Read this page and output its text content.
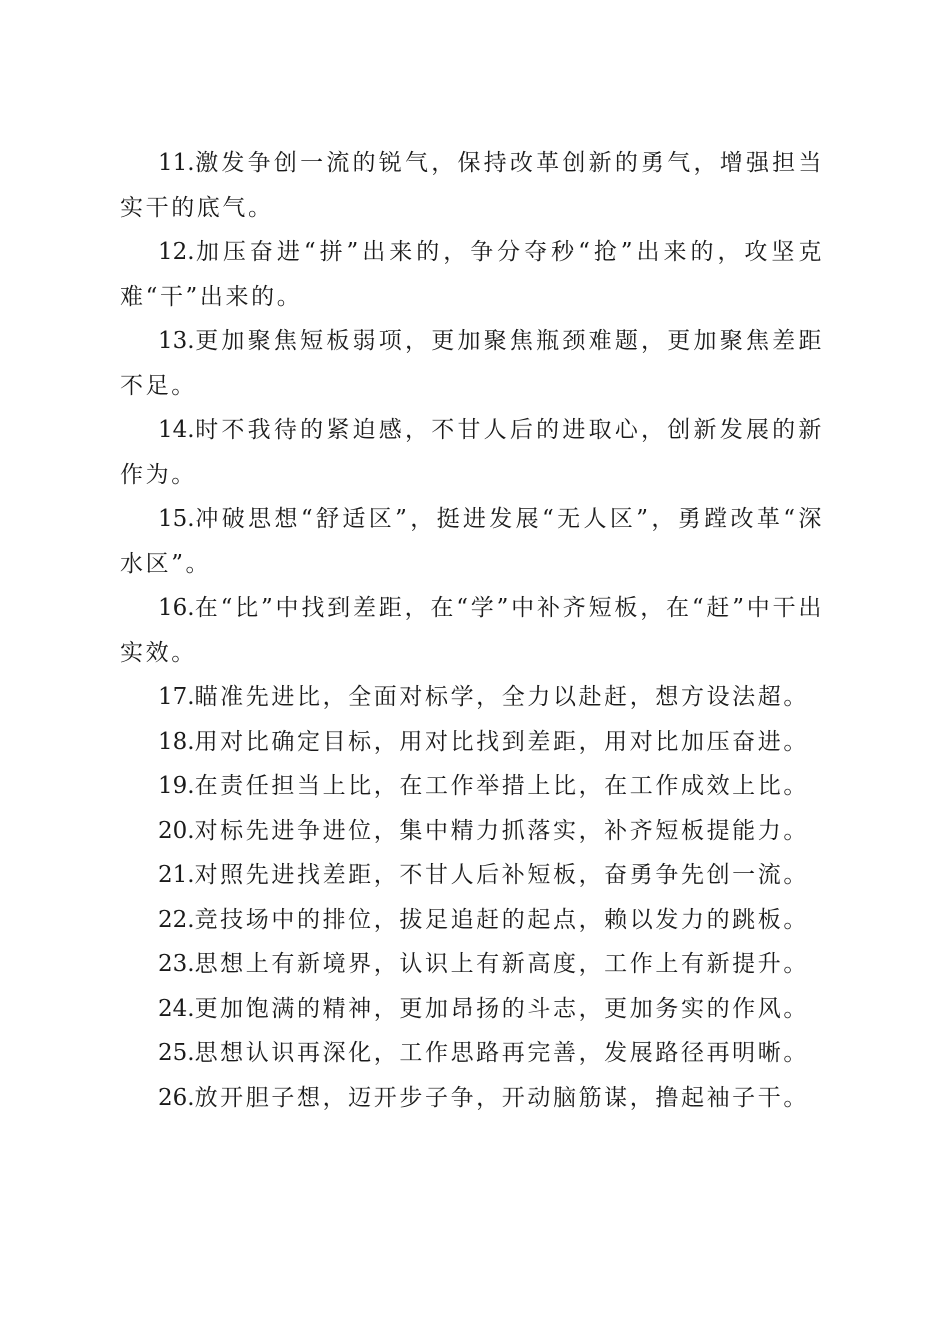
11.激发争创一流的锐气，保持改革创新的勇气，增强担当实干的底气。

12.加压奋进“拼”出来的，争分夺秒“抢”出来的，攻坚克难“干”出来的。

13.更加聚焦短板弱项，更加聚焦瓶颈难题，更加聚焦差距不足。

14.时不我待的紧迫感，不甘人后的进取心，创新发展的新作为。

15.冲破思想“舒适区”，挺进发展“无人区”，勇蹚改革“深水区”。

16.在“比”中找到差距，在“学”中补齐短板，在“赶”中干出实效。

17.瞄准先进比，全面对标学，全力以赴赶，想方设法超。

18.用对比确定目标，用对比找到差距，用对比加压奋进。

19.在责任担当上比，在工作举措上比，在工作成效上比。

20.对标先进争进位，集中精力抓落实，补齐短板提能力。

21.对照先进找差距，不甘人后补短板，奋勇争先创一流。

22.竞技场中的排位，拔足追赶的起点，赖以发力的跳板。

23.思想上有新境界，认识上有新高度，工作上有新提升。

24.更加饱满的精神，更加昂扬的斗志，更加务实的作风。

25.思想认识再深化，工作思路再完善，发展路径再明晰。

26.放开胆子想，迈开步子争，开动脑筋谋，撸起袖子干。
